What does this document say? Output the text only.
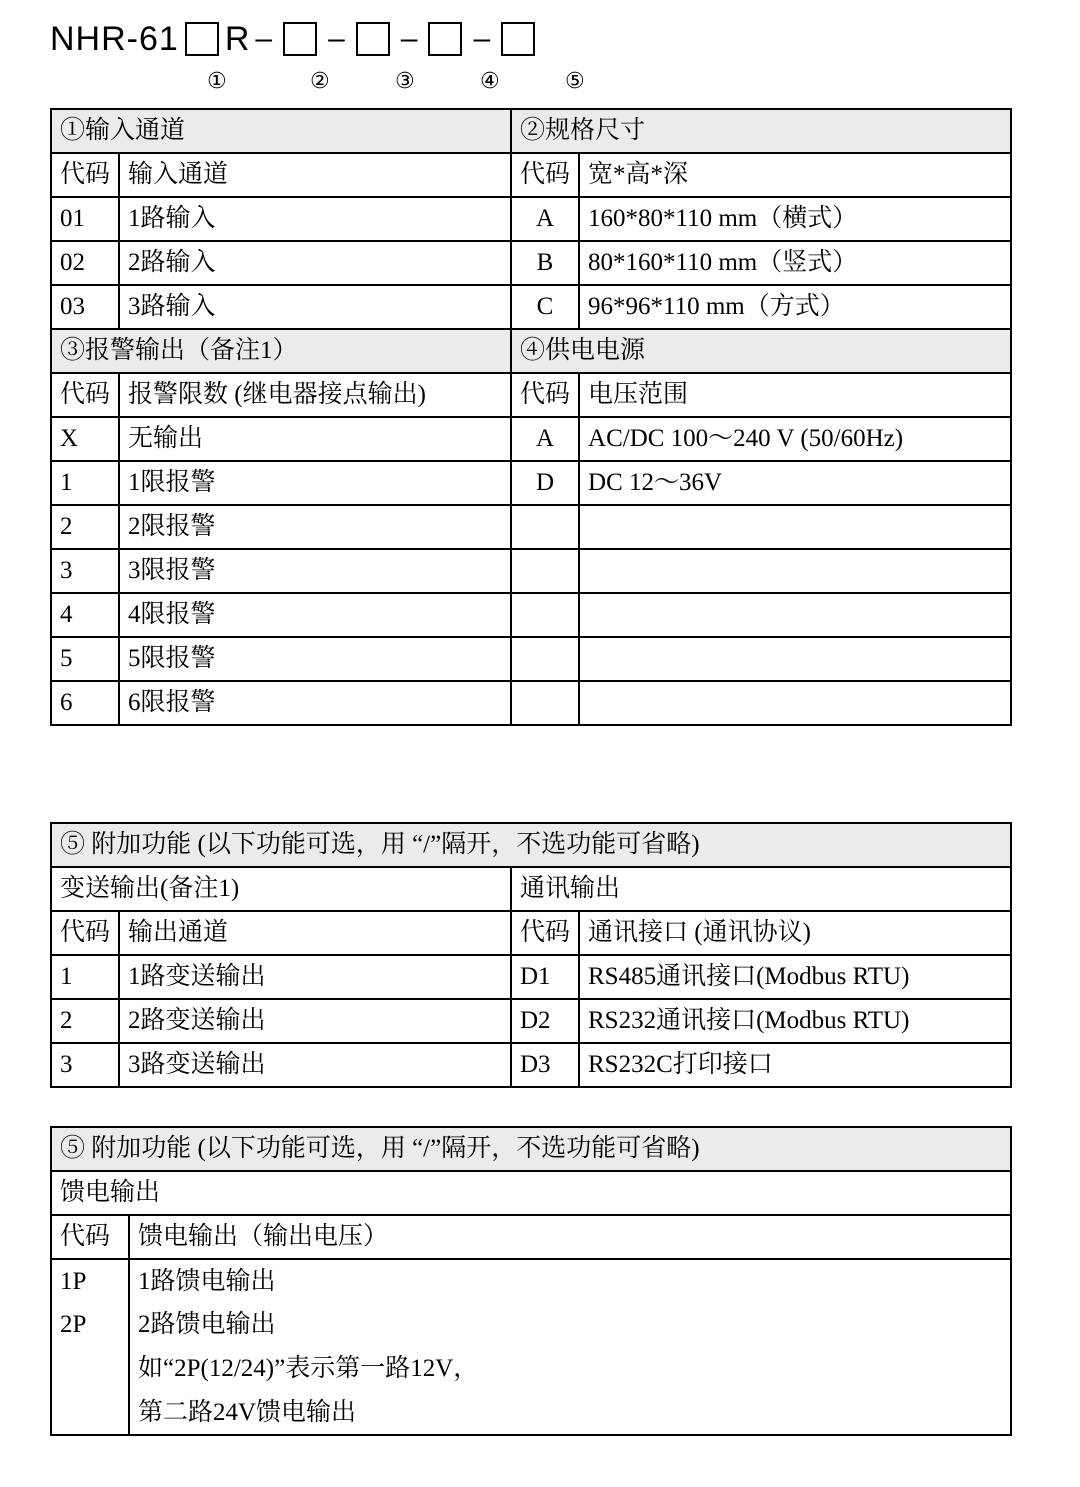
NHR-61 R – – – –
①	②	③	④	⑤
①输入通道		②规格尺寸	
代码	输入通道	代码	宽*高*深
01	1路输入	A	160*80*110 mm（横式）
02	2路输入	B	80*160*110 mm（竖式）
03	3路输入	C	96*96*110 mm（方式）
③报警输出（备注1）		④供电电源	
代码	报警限数 (继电器接点输出)	代码	电压范围
X	无输出	A	AC/DC 100～240 V (50/60Hz)
1	1限报警	D	DC 12～36V
2	2限报警		
3	3限报警		
4	4限报警		
5	5限报警		
6	6限报警		
⑤ 附加功能 (以下功能可选，用 “/”隔开，不选功能可省略)			
变送输出(备注1)		通讯输出	
代码	输出通道	代码	通讯接口 (通讯协议)
1	1路变送输出	D1	RS485通讯接口(Modbus RTU)
2	2路变送输出	D2	RS232通讯接口(Modbus RTU)
3	3路变送输出	D3	RS232C打印接口
⑤ 附加功能 (以下功能可选，用 “/”隔开，不选功能可省略)	
馈电输出	
代码	馈电输出（输出电压）
1P	1路馈电输出
2P	2路馈电输出
	如“2P(12/24)”表示第一路12V，
	第二路24V馈电输出
